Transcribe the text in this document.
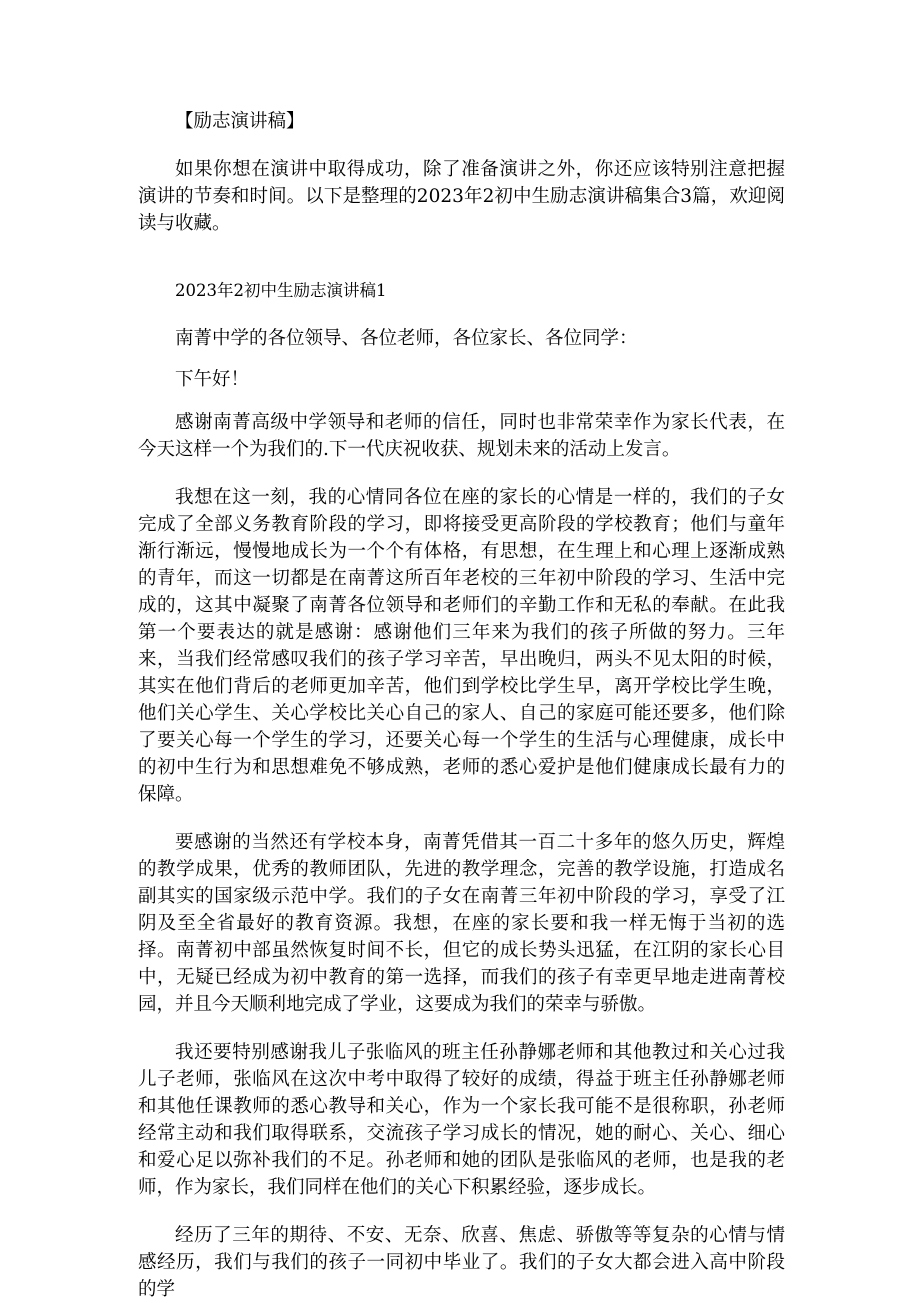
【励志演讲稿】

如果你想在演讲中取得成功，除了准备演讲之外，你还应该特别注意把握演讲的节奏和时间。以下是整理的2023年2初中生励志演讲稿集合3篇，欢迎阅读与收藏。

2023年2初中生励志演讲稿1

南菁中学的各位领导、各位老师，各位家长、各位同学：

下午好！

感谢南菁高级中学领导和老师的信任，同时也非常荣幸作为家长代表，在今天这样一个为我们的.下一代庆祝收获、规划未来的活动上发言。

我想在这一刻，我的心情同各位在座的家长的心情是一样的，我们的子女完成了全部义务教育阶段的学习，即将接受更高阶段的学校教育；他们与童年渐行渐远，慢慢地成长为一个个有体格，有思想，在生理上和心理上逐渐成熟的青年，而这一切都是在南菁这所百年老校的三年初中阶段的学习、生活中完成的，这其中凝聚了南菁各位领导和老师们的辛勤工作和无私的奉献。在此我第一个要表达的就是感谢：感谢他们三年来为我们的孩子所做的努力。三年来，当我们经常感叹我们的孩子学习辛苦，早出晚归，两头不见太阳的时候，其实在他们背后的老师更加辛苦，他们到学校比学生早，离开学校比学生晚，他们关心学生、关心学校比关心自己的家人、自己的家庭可能还要多，他们除了要关心每一个学生的学习，还要关心每一个学生的生活与心理健康，成长中的初中生行为和思想难免不够成熟，老师的悉心爱护是他们健康成长最有力的保障。

要感谢的当然还有学校本身，南菁凭借其一百二十多年的悠久历史，辉煌的教学成果，优秀的教师团队，先进的教学理念，完善的教学设施，打造成名副其实的国家级示范中学。我们的子女在南菁三年初中阶段的学习，享受了江阴及至全省最好的教育资源。我想，在座的家长要和我一样无悔于当初的选择。南菁初中部虽然恢复时间不长，但它的成长势头迅猛，在江阴的家长心目中，无疑已经成为初中教育的第一选择，而我们的孩子有幸更早地走进南菁校园，并且今天顺利地完成了学业，这要成为我们的荣幸与骄傲。

我还要特别感谢我儿子张临风的班主任孙静娜老师和其他教过和关心过我儿子老师，张临风在这次中考中取得了较好的成绩，得益于班主任孙静娜老师和其他任课教师的悉心教导和关心，作为一个家长我可能不是很称职，孙老师经常主动和我们取得联系，交流孩子学习成长的情况，她的耐心、关心、细心和爱心足以弥补我们的不足。孙老师和她的团队是张临风的老师，也是我的老师，作为家长，我们同样在他们的关心下积累经验，逐步成长。

经历了三年的期待、不安、无奈、欣喜、焦虑、骄傲等等复杂的心情与情感经历，我们与我们的孩子一同初中毕业了。我们的子女大都会进入高中阶段的学
